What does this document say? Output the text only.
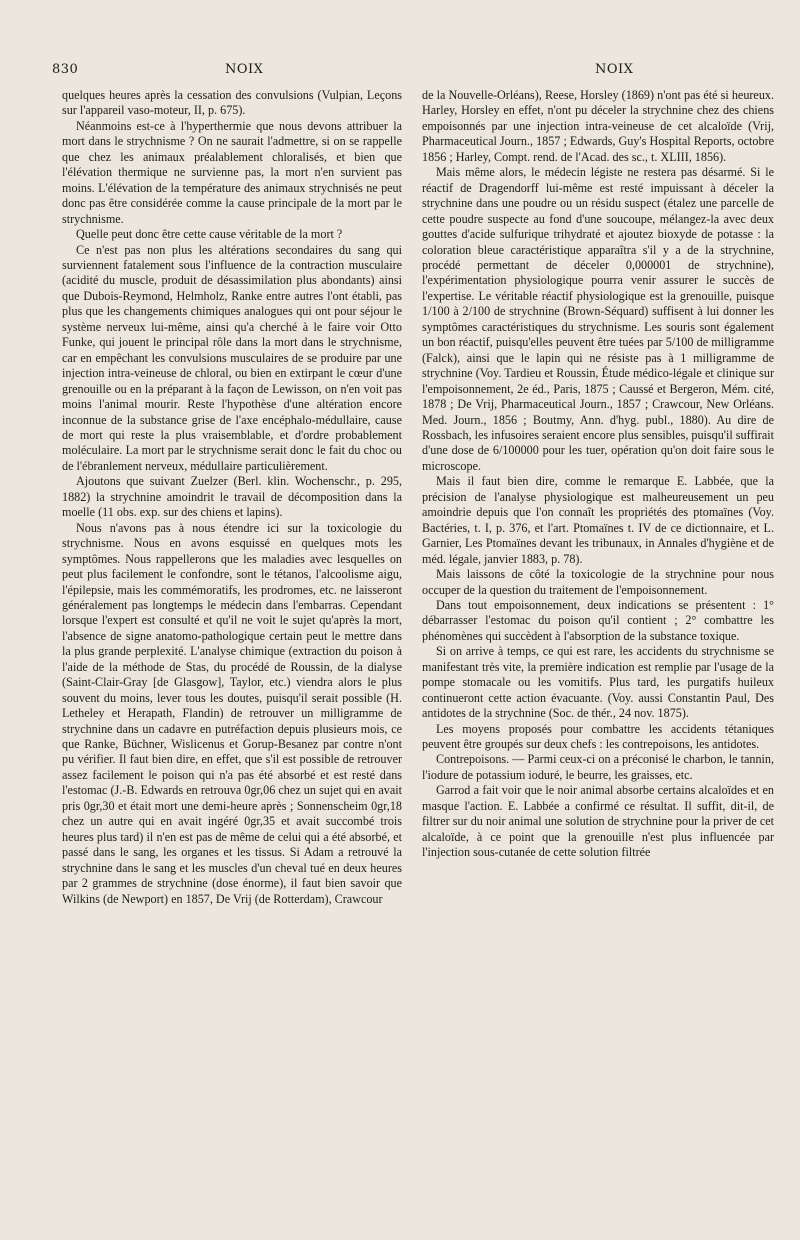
830	NOIX	NOIX

quelques heures après la cessation des convulsions (Vulpian, Leçons sur l'appareil vaso-moteur, II, p. 675).

Néanmoins est-ce à l'hyperthermie que nous devons attribuer la mort dans le strychnisme ? On ne saurait l'admettre, si on se rappelle que chez les animaux préalablement chloralisés, et bien que l'élévation thermique ne survienne pas, la mort n'en survient pas moins. L'élévation de la température des animaux strychnisés ne peut donc pas être considérée comme la cause principale de la mort par le strychnisme.

Quelle peut donc être cette cause véritable de la mort ?

Ce n'est pas non plus les altérations secondaires du sang qui surviennent fatalement sous l'influence de la contraction musculaire (acidité du muscle, produit de désassimilation plus abondants) ainsi que Dubois-Reymond, Helmholz, Ranke entre autres l'ont établi, pas plus que les changements chimiques analogues qui ont pour séjour le système nerveux lui-même, ainsi qu'a cherché à le faire voir Otto Funke, qui jouent le principal rôle dans la mort dans le strychnisme, car en empêchant les convulsions musculaires de se produire par une injection intra-veineuse de chloral, ou bien en extirpant le cœur d'une grenouille ou en la préparant à la façon de Lewisson, on n'en voit pas moins l'animal mourir. Reste l'hypothèse d'une altération encore inconnue de la substance grise de l'axe encéphalo-médullaire, cause de mort qui reste la plus vraisemblable, et d'ordre probablement moléculaire. La mort par le strychnisme serait donc le fait du choc ou de l'ébranlement nerveux, médullaire particulièrement.

Ajoutons que suivant Zuelzer (Berl. klin. Wochenschr., p. 295, 1882) la strychnine amoindrit le travail de décomposition dans la moelle (11 obs. exp. sur des chiens et lapins).

Nous n'avons pas à nous étendre ici sur la toxicologie du strychnisme. Nous en avons esquissé en quelques mots les symptômes. Nous rappellerons que les maladies avec lesquelles on peut plus facilement le confondre, sont le tétanos, l'alcoolisme aigu, l'épilepsie, mais les commémoratifs, les prodromes, etc. ne laisseront généralement pas longtemps le médecin dans l'embarras. Cependant lorsque l'expert est consulté et qu'il ne voit le sujet qu'après la mort, l'absence de signe anatomo-pathologique certain peut le mettre dans la plus grande perplexité. L'analyse chimique (extraction du poison à l'aide de la méthode de Stas, du procédé de Roussin, de la dialyse (Saint-Clair-Gray [de Glasgow], Taylor, etc.) viendra alors le plus souvent du moins, lever tous les doutes, puisqu'il serait possible (H. Letheley et Herapath, Flandin) de retrouver un milligramme de strychnine dans un cadavre en putréfaction depuis plusieurs mois, ce que Ranke, Büchner, Wislicenus et Gorup-Besanez par contre n'ont pu vérifier. Il faut bien dire, en effet, que s'il est possible de retrouver assez facilement le poison qui n'a pas été absorbé et est resté dans l'estomac (J.-B. Edwards en retrouva 0gr,06 chez un sujet qui en avait pris 0gr,30 et était mort une demi-heure après ; Sonnenscheim 0gr,18 chez un autre qui en avait ingéré 0gr,35 et avait succombé trois heures plus tard) il n'en est pas de même de celui qui a été absorbé, et passé dans le sang, les organes et les tissus. Si Adam a retrouvé la strychnine dans le sang et les muscles d'un cheval tué en deux heures par 2 grammes de strychnine (dose énorme), il faut bien savoir que Wilkins (de Newport) en 1857, De Vrij (de Rotterdam), Crawcour

de la Nouvelle-Orléans), Reese, Horsley (1869) n'ont pas été si heureux. Harley, Horsley en effet, n'ont pu déceler la strychnine chez des chiens empoisonnés par une injection intra-veineuse de cet alcaloïde (Vrij, Pharmaceutical Journ., 1857 ; Edwards, Guy's Hospital Reports, octobre 1856 ; Harley, Compt. rend. de l'Acad. des sc., t. XLIII, 1856).

Mais même alors, le médecin légiste ne restera pas désarmé. Si le réactif de Dragendorff lui-même est resté impuissant à déceler la strychnine dans une poudre ou un résidu suspect (étalez une parcelle de cette poudre suspecte au fond d'une soucoupe, mélangez-la avec deux gouttes d'acide sulfurique trihydraté et ajoutez bioxyde de potasse : la coloration bleue caractéristique apparaîtra s'il y a de la strychnine, procédé permettant de déceler 0,000001 de strychnine), l'expérimentation physiologique pourra venir assurer le succès de l'expertise. Le véritable réactif physiologique est la grenouille, puisque 1/100 à 2/100 de strychnine (Brown-Séquard) suffisent à lui donner les symptômes caractéristiques du strychnisme. Les souris sont également un bon réactif, puisqu'elles peuvent être tuées par 5/100 de milligramme (Falck), ainsi que le lapin qui ne résiste pas à 1 milligramme de strychnine (Voy. Tardieu et Roussin, Étude médico-légale et clinique sur l'empoisonnement, 2e éd., Paris, 1875 ; Caussé et Bergeron, Mém. cité, 1878 ; De Vrij, Pharmaceutical Journ., 1857 ; Crawcour, New Orléans. Med. Journ., 1856 ; Boutmy, Ann. d'hyg. publ., 1880). Au dire de Rossbach, les infusoires seraient encore plus sensibles, puisqu'il suffirait d'une dose de 6/100000 pour les tuer, opération qu'on doit faire sous le microscope.

Mais il faut bien dire, comme le remarque E. Labbée, que la précision de l'analyse physiologique est malheureusement un peu amoindrie depuis que l'on connaît les propriétés des ptomaïnes (Voy. Bactéries, t. I, p. 376, et l'art. Ptomaïnes t. IV de ce dictionnaire, et L. Garnier, Les Ptomaïnes devant les tribunaux, in Annales d'hygiène et de méd. légale, janvier 1883, p. 78).

Mais laissons de côté la toxicologie de la strychnine pour nous occuper de la question du traitement de l'empoisonnement.

Dans tout empoisonnement, deux indications se présentent : 1° débarrasser l'estomac du poison qu'il contient ; 2° combattre les phénomènes qui succèdent à l'absorption de la substance toxique.

Si on arrive à temps, ce qui est rare, les accidents du strychnisme se manifestant très vite, la première indication est remplie par l'usage de la pompe stomacale ou les vomitifs. Plus tard, les purgatifs huileux continueront cette action évacuante. (Voy. aussi Constantin Paul, Des antidotes de la strychnine (Soc. de thér., 24 nov. 1875).

Les moyens proposés pour combattre les accidents tétaniques peuvent être groupés sur deux chefs : les contrepoisons, les antidotes.

Contrepoisons. — Parmi ceux-ci on a préconisé le charbon, le tannin, l'iodure de potassium ioduré, le beurre, les graisses, etc.

Garrod a fait voir que le noir animal absorbe certains alcaloïdes et en masque l'action. E. Labbée a confirmé ce résultat. Il suffit, dit-il, de filtrer sur du noir animal une solution de strychnine pour la priver de cet alcaloïde, à ce point que la grenouille n'est plus influencée par l'injection sous-cutanée de cette solution filtrée
